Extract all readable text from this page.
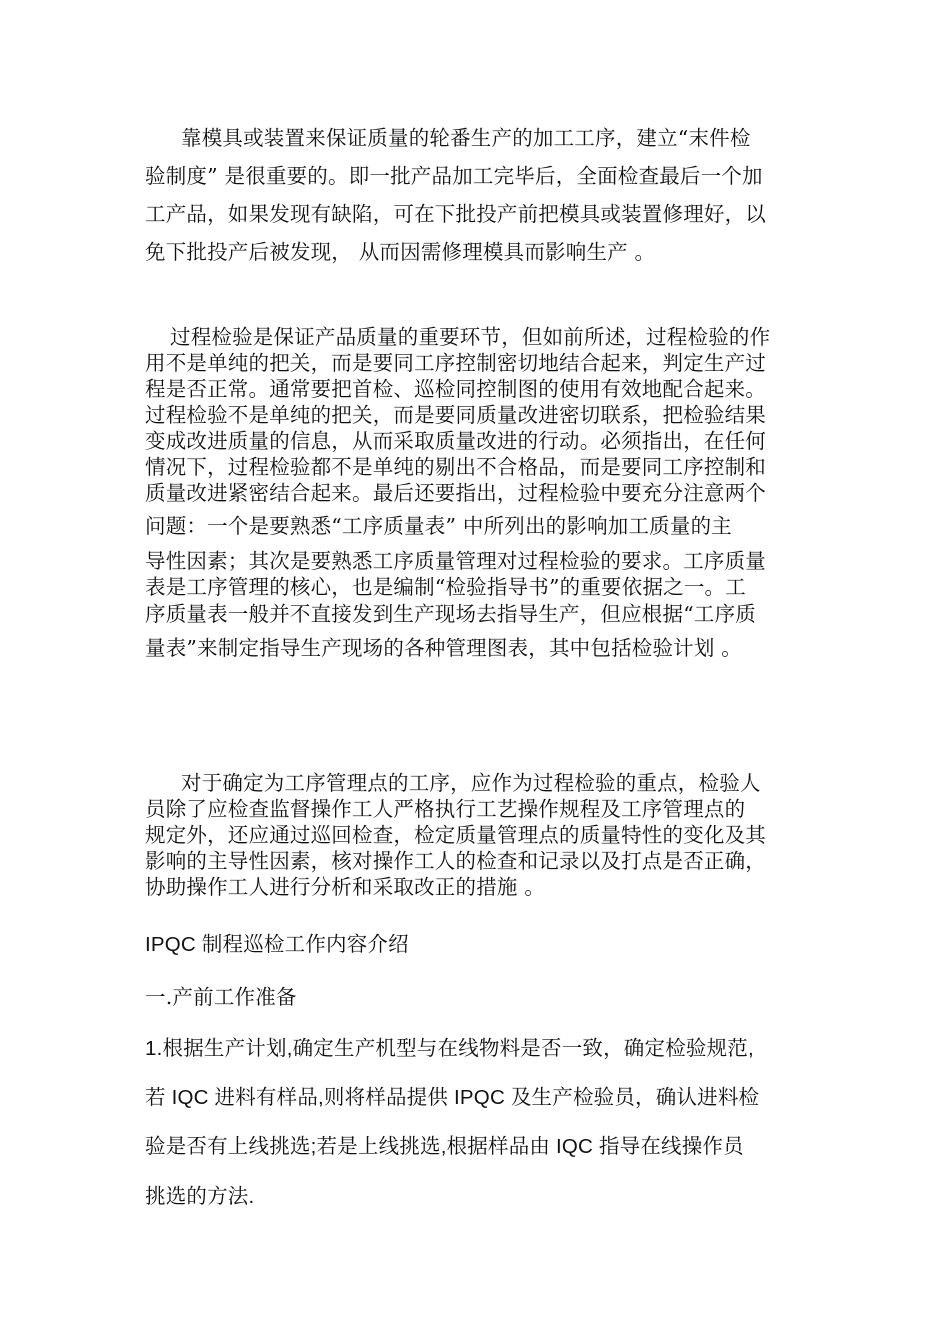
靠模具或装置来保证质量的轮番生产的加工工序，建立“末件检
验制度” 是很重要的。即一批产品加工完毕后，全面检查最后一个加
工产品，如果发现有缺陷，可在下批投产前把模具或装置修理好，以
免下批投产后被发现， 从而因需修理模具而影响生产 。
过程检验是保证产品质量的重要环节，但如前所述，过程检验的作
用不是单纯的把关，而是要同工序控制密切地结合起来，判定生产过
程是否正常。通常要把首检、巡检同控制图的使用有效地配合起来。
过程检验不是单纯的把关，而是要同质量改进密切联系，把检验结果
变成改进质量的信息，从而采取质量改进的行动。必须指出，在任何
情况下，过程检验都不是单纯的剔出不合格品，而是要同工序控制和
质量改进紧密结合起来。最后还要指出，过程检验中要充分注意两个
问题：一个是要熟悉“工序质量表” 中所列出的影响加工质量的主
导性因素；其次是要熟悉工序质量管理对过程检验的要求。工序质量
表是工序管理的核心，也是编制“检验指导书”的重要依据之一。工
序质量表一般并不直接发到生产现场去指导生产，但应根据“工序质
量表”来制定指导生产现场的各种管理图表，其中包括检验计划 。
对于确定为工序管理点的工序，应作为过程检验的重点，检验人
员除了应检查监督操作工人严格执行工艺操作规程及工序管理点的
规定外，还应通过巡回检查，检定质量管理点的质量特性的变化及其
影响的主导性因素，核对操作工人的检查和记录以及打点是否正确，
协助操作工人进行分析和采取改正的措施 。
IPQC 制程巡检工作内容介绍
一.产前工作准备
1.根据生产计划,确定生产机型与在线物料是否一致，确定检验规范,
若 IQC 进料有样品,则将样品提供 IPQC 及生产检验员，确认进料检
验是否有上线挑选;若是上线挑选,根据样品由 IQC 指导在线操作员
挑选的方法.
